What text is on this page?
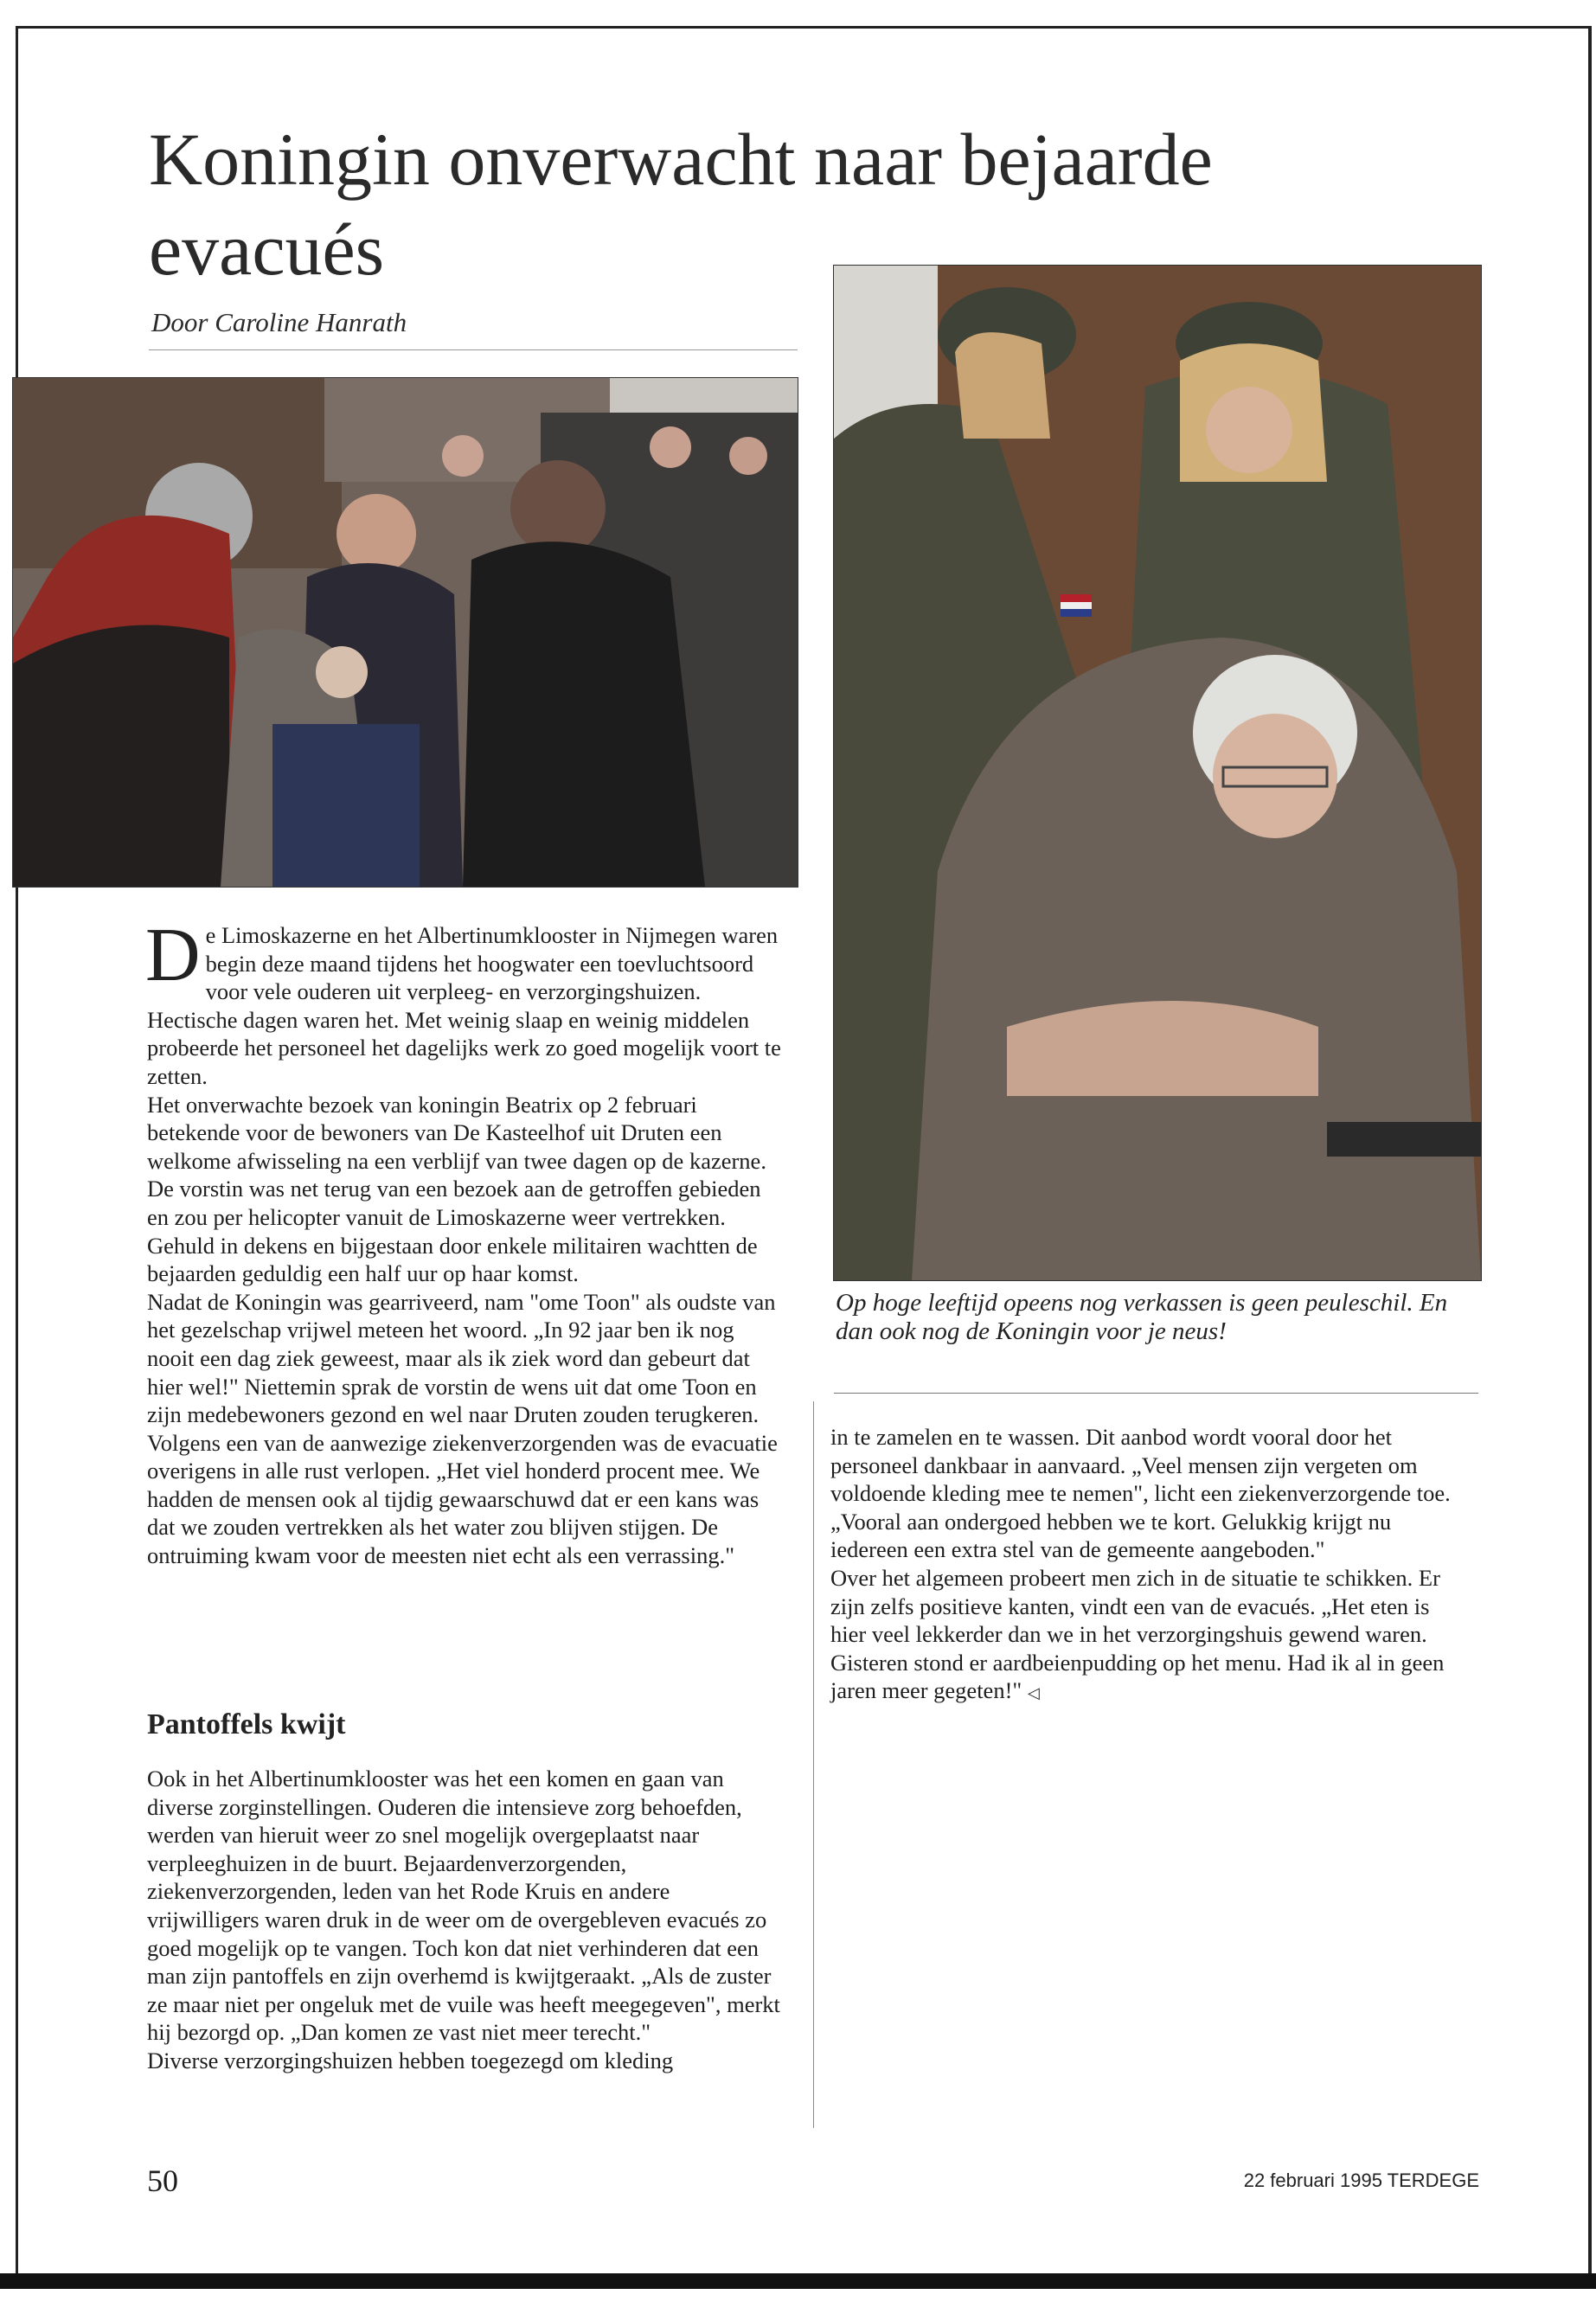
Koningin onverwacht naar bejaarde evacués

Door Caroline Hanrath

Op hoge leeftijd opeens nog verkassen is geen peuleschil. En dan ook nog de Koningin voor je neus!

De Limoskazerne en het Albertinumklooster in Nijmegen waren begin deze maand tijdens het hoogwater een toevluchtsoord voor vele ouderen uit verpleeg- en verzorgingshuizen. Hectische dagen waren het. Met weinig slaap en weinig middelen probeerde het personeel het dagelijks werk zo goed mogelijk voort te zetten.

Het onverwachte bezoek van koningin Beatrix op 2 februari betekende voor de bewoners van De Kasteelhof uit Druten een welkome afwisseling na een verblijf van twee dagen op de kazerne. De vorstin was net terug van een bezoek aan de getroffen gebieden en zou per helicopter vanuit de Limoskazerne weer vertrekken. Gehuld in dekens en bijgestaan door enkele militairen wachtten de bejaarden geduldig een half uur op haar komst.

Nadat de Koningin was gearriveerd, nam "ome Toon" als oudste van het gezelschap vrijwel meteen het woord. „In 92 jaar ben ik nog nooit een dag ziek geweest, maar als ik ziek word dan gebeurt dat hier wel!" Niettemin sprak de vorstin de wens uit dat ome Toon en zijn medebewoners gezond en wel naar Druten zouden terugkeren.

Volgens een van de aanwezige ziekenverzorgenden was de evacuatie overigens in alle rust verlopen. „Het viel honderd procent mee. We hadden de mensen ook al tijdig gewaarschuwd dat er een kans was dat we zouden vertrekken als het water zou blijven stijgen. De ontruiming kwam voor de meesten niet echt als een verrassing."

Pantoffels kwijt

Ook in het Albertinumklooster was het een komen en gaan van diverse zorginstellingen. Ouderen die intensieve zorg behoefden, werden van hieruit weer zo snel mogelijk overgeplaatst naar verpleeghuizen in de buurt. Bejaardenverzorgenden, ziekenverzorgenden, leden van het Rode Kruis en andere vrijwilligers waren druk in de weer om de overgebleven evacués zo goed mogelijk op te vangen. Toch kon dat niet verhinderen dat een man zijn pantoffels en zijn overhemd is kwijtgeraakt. „Als de zuster ze maar niet per ongeluk met de vuile was heeft meegegeven", merkt hij bezorgd op. „Dan komen ze vast niet meer terecht."

Diverse verzorgingshuizen hebben toegezegd om kleding

in te zamelen en te wassen. Dit aanbod wordt vooral door het personeel dankbaar in aanvaard. „Veel mensen zijn vergeten om voldoende kleding mee te nemen", licht een ziekenverzorgende toe. „Vooral aan ondergoed hebben we te kort. Gelukkig krijgt nu iedereen een extra stel van de gemeente aangeboden."

Over het algemeen probeert men zich in de situatie te schikken. Er zijn zelfs positieve kanten, vindt een van de evacués. „Het eten is hier veel lekkerder dan we in het verzorgingshuis gewend waren. Gisteren stond er aardbeienpudding op het menu. Had ik al in geen jaren meer gegeten!" ◁

50	22 februari 1995 TERDEGE
